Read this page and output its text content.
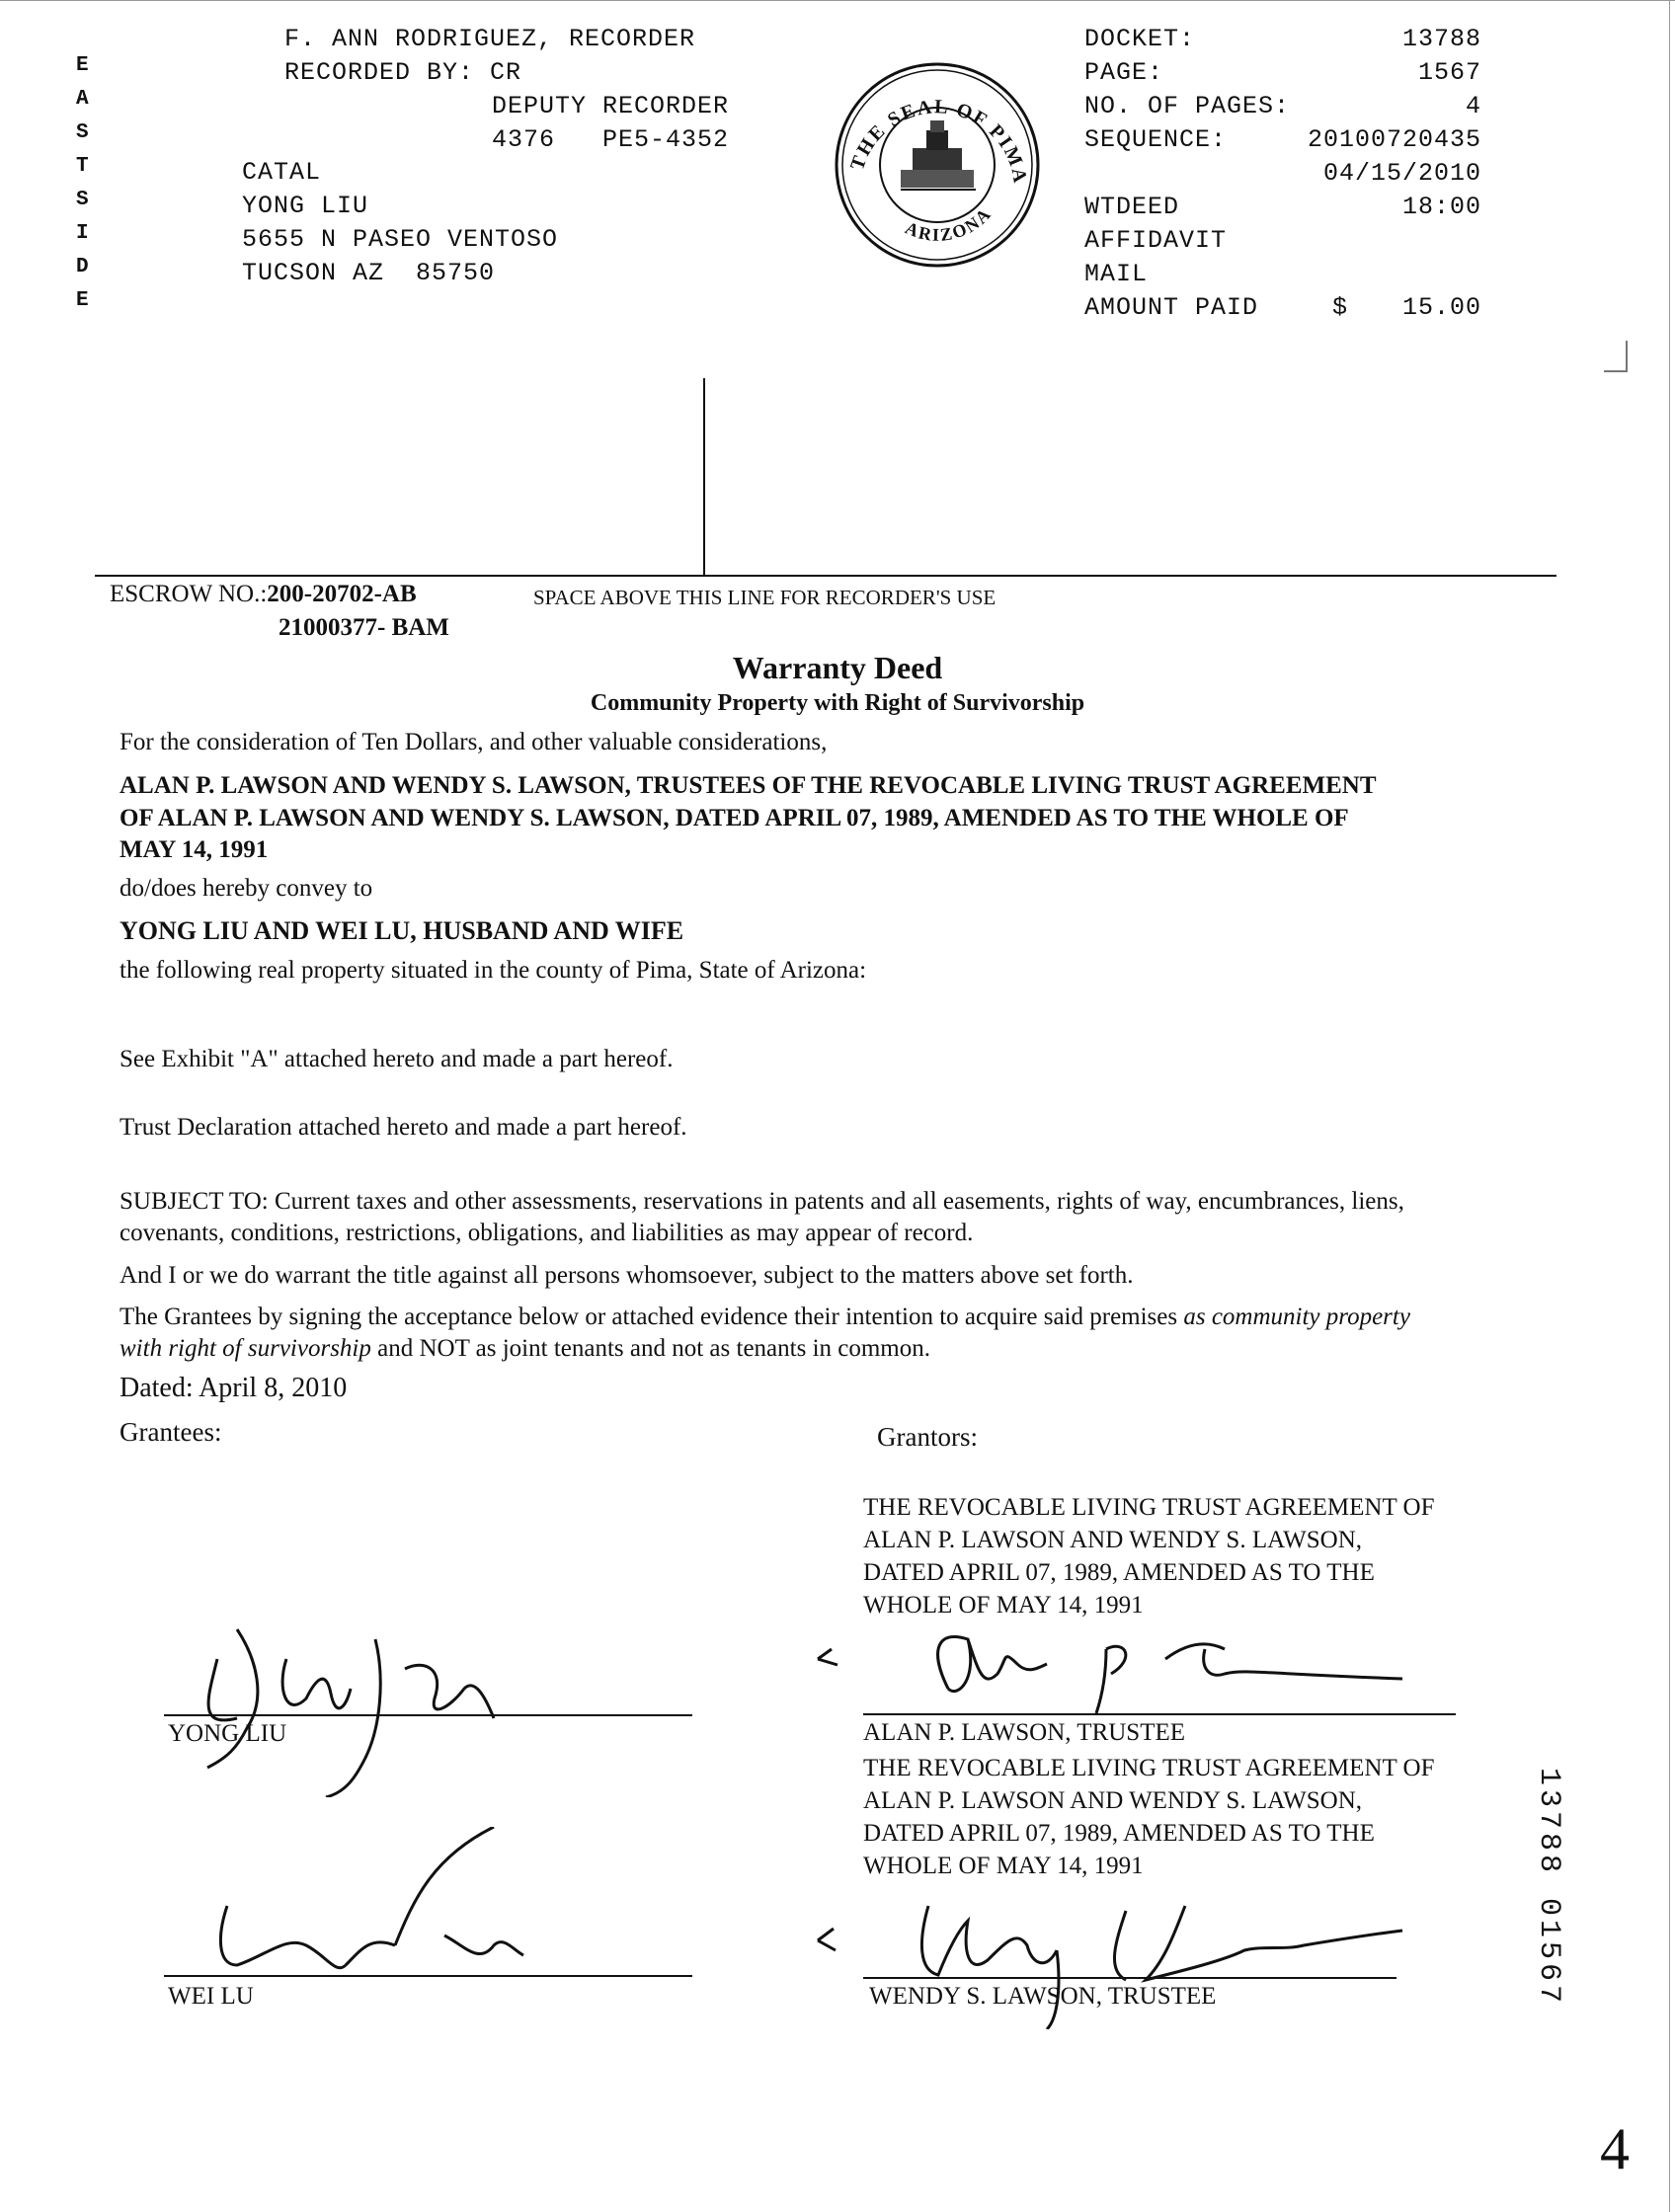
E
A
S
T
S
I
D
E
F. ANN RODRIGUEZ, RECORDER
RECORDED BY: CR
DEPUTY RECORDER
4376   PE5-4352
CATAL
YONG LIU
5655 N PASEO VENTOSO
TUCSON AZ  85750
THE SEAL OF PIMA
ARIZONA
DOCKET:	13788
PAGE:	1567
NO. OF PAGES:	4
SEQUENCE:	20100720435
04/15/2010
WTDEED	18:00
AFFIDAVIT
MAIL
AMOUNT PAID	$	15.00
ESCROW NO.:200-20702-AB
21000377- BAM
SPACE ABOVE THIS LINE FOR RECORDER'S USE
Warranty Deed
Community Property with Right of Survivorship
For the consideration of Ten Dollars, and other valuable considerations,
ALAN P. LAWSON AND WENDY S. LAWSON, TRUSTEES OF THE REVOCABLE LIVING TRUST AGREEMENT
OF ALAN P. LAWSON AND WENDY S. LAWSON, DATED APRIL 07, 1989, AMENDED AS TO THE WHOLE OF
MAY 14, 1991
do/does hereby convey to
YONG LIU AND WEI LU, HUSBAND AND WIFE
the following real property situated in the county of Pima, State of Arizona:
See Exhibit "A" attached hereto and made a part hereof.
Trust Declaration attached hereto and made a part hereof.
SUBJECT TO: Current taxes and other assessments, reservations in patents and all easements, rights of way, encumbrances, liens,
covenants, conditions, restrictions, obligations, and liabilities as may appear of record.
And I or we do warrant the title against all persons whomsoever, subject to the matters above set forth.
The Grantees by signing the acceptance below or attached evidence their intention to acquire said premises as community property
with right of survivorship and NOT as joint tenants and not as tenants in common.
Dated: April 8, 2010
Grantees:	Grantors:
THE REVOCABLE LIVING TRUST AGREEMENT OF
ALAN P. LAWSON AND WENDY S. LAWSON,
DATED APRIL 07, 1989, AMENDED AS TO THE
WHOLE OF MAY 14, 1991
ALAN P. LAWSON, TRUSTEE
THE REVOCABLE LIVING TRUST AGREEMENT OF
ALAN P. LAWSON AND WENDY S. LAWSON,
DATED APRIL 07, 1989, AMENDED AS TO THE
WHOLE OF MAY 14, 1991
WENDY S. LAWSON, TRUSTEE
YONG LIU
WEI LU	13788 01567
4
